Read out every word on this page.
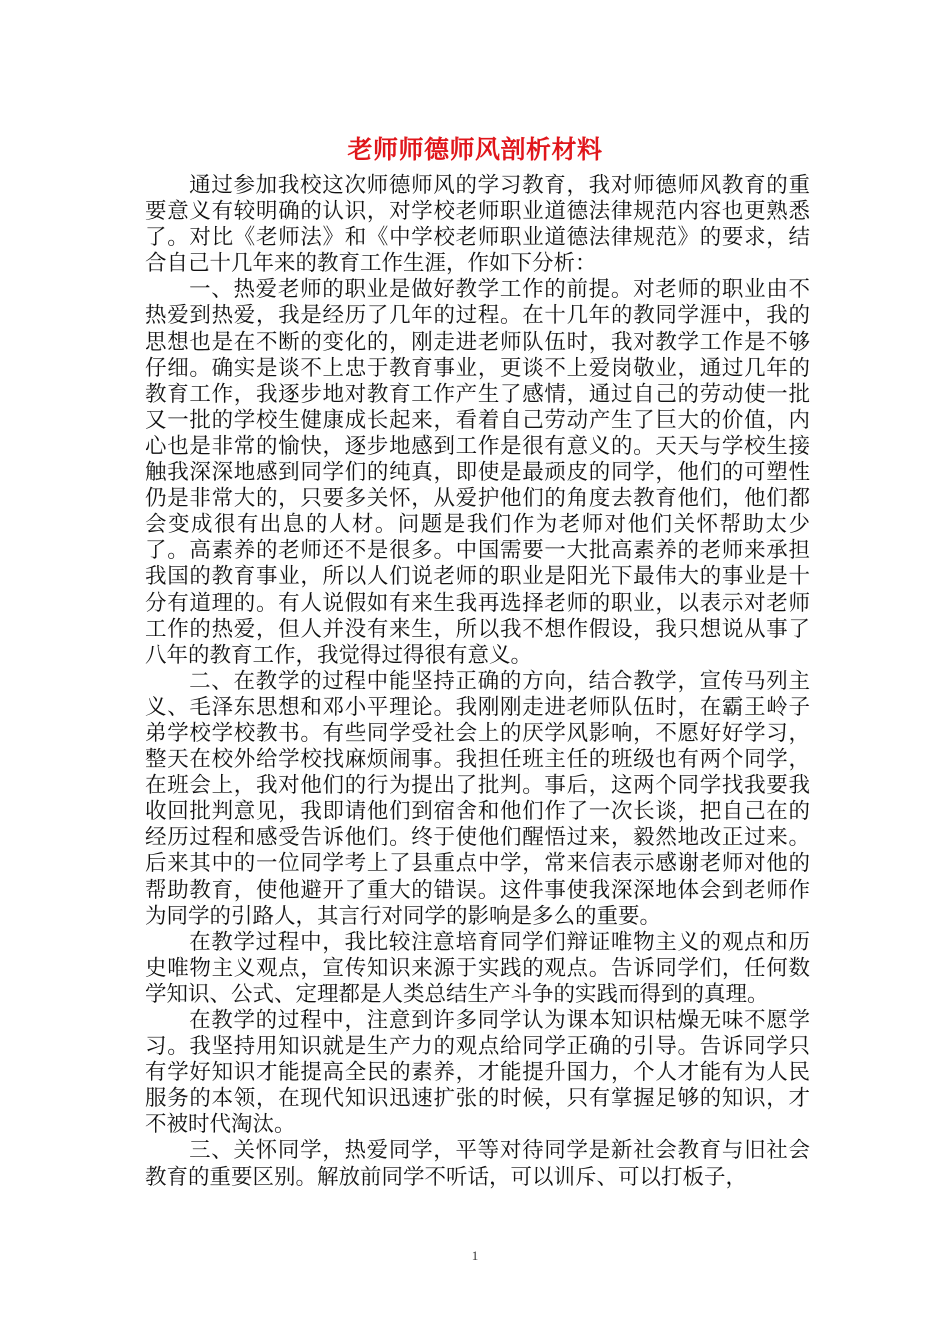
老师师德师风剖析材料

通过参加我校这次师德师风的学习教育，我对师德师风教育的重要意义有较明确的认识，对学校老师职业道德法律规范内容也更熟悉了。对比《老师法》和《中学校老师职业道德法律规范》的要求，结合自己十几年来的教育工作生涯，作如下分析：

一、热爱老师的职业是做好教学工作的前提。对老师的职业由不热爱到热爱，我是经历了几年的过程。在十几年的教同学涯中，我的思想也是在不断的变化的，刚走进老师队伍时，我对教学工作是不够仔细。确实是谈不上忠于教育事业，更谈不上爱岗敬业，通过几年的教育工作，我逐步地对教育工作产生了感情，通过自己的劳动使一批又一批的学校生健康成长起来，看着自己劳动产生了巨大的价值，内心也是非常的愉快，逐步地感到工作是很有意义的。天天与学校生接触我深深地感到同学们的纯真，即使是最顽皮的同学，他们的可塑性仍是非常大的，只要多关怀，从爱护他们的角度去教育他们，他们都会变成很有出息的人材。问题是我们作为老师对他们关怀帮助太少了。高素养的老师还不是很多。中国需要一大批高素养的老师来承担我国的教育事业，所以人们说老师的职业是阳光下最伟大的事业是十分有道理的。有人说假如有来生我再选择老师的职业，以表示对老师工作的热爱，但人并没有来生，所以我不想作假设，我只想说从事了八年的教育工作，我觉得过得很有意义。

二、在教学的过程中能坚持正确的方向，结合教学，宣传马列主义、毛泽东思想和邓小平理论。我刚刚走进老师队伍时，在霸王岭子弟学校学校教书。有些同学受社会上的厌学风影响，不愿好好学习，整天在校外给学校找麻烦闹事。我担任班主任的班级也有两个同学，在班会上，我对他们的行为提出了批判。事后，这两个同学找我要我收回批判意见，我即请他们到宿舍和他们作了一次长谈，把自己在的经历过程和感受告诉他们。终于使他们醒悟过来，毅然地改正过来。后来其中的一位同学考上了县重点中学，常来信表示感谢老师对他的帮助教育，使他避开了重大的错误。这件事使我深深地体会到老师作为同学的引路人，其言行对同学的影响是多么的重要。

在教学过程中，我比较注意培育同学们辩证唯物主义的观点和历史唯物主义观点，宣传知识来源于实践的观点。告诉同学们，任何数学知识、公式、定理都是人类总结生产斗争的实践而得到的真理。

在教学的过程中，注意到许多同学认为课本知识枯燥无味不愿学习。我坚持用知识就是生产力的观点给同学正确的引导。告诉同学只有学好知识才能提高全民的素养，才能提升国力，个人才能有为人民服务的本领，在现代知识迅速扩张的时候，只有掌握足够的知识，才不被时代淘汰。

三、关怀同学，热爱同学，平等对待同学是新社会教育与旧社会教育的重要区别。解放前同学不听话，可以训斥、可以打板子，

1
